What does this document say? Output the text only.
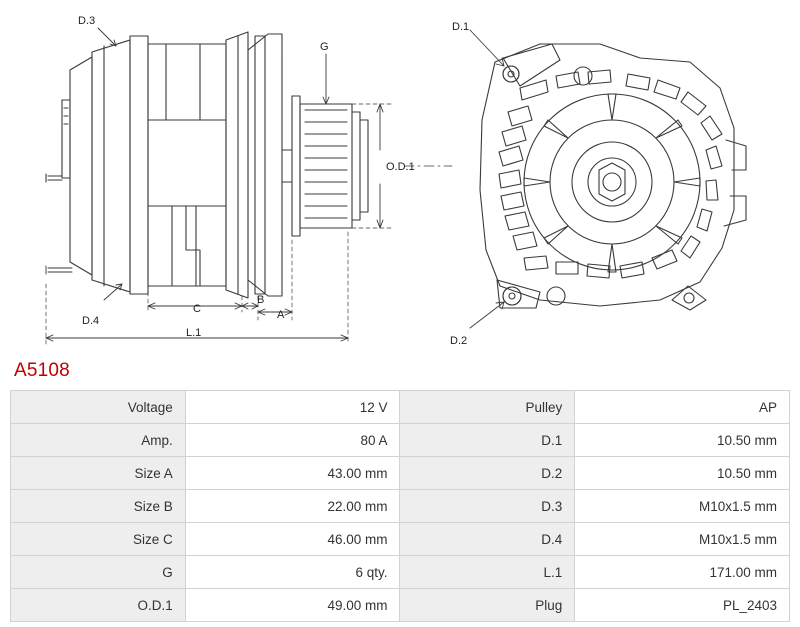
D.3
D.4
G
O.D.1
A
B
C
L.1
D.1
D.2
A5108
Voltage	12 V	Pulley	AP
Amp.	80 A	D.1	10.50 mm
Size A	43.00 mm	D.2	10.50 mm
Size B	22.00 mm	D.3	M10x1.5 mm
Size C	46.00 mm	D.4	M10x1.5 mm
G	6 qty.	L.1	171.00 mm
O.D.1	49.00 mm	Plug	PL_2403
